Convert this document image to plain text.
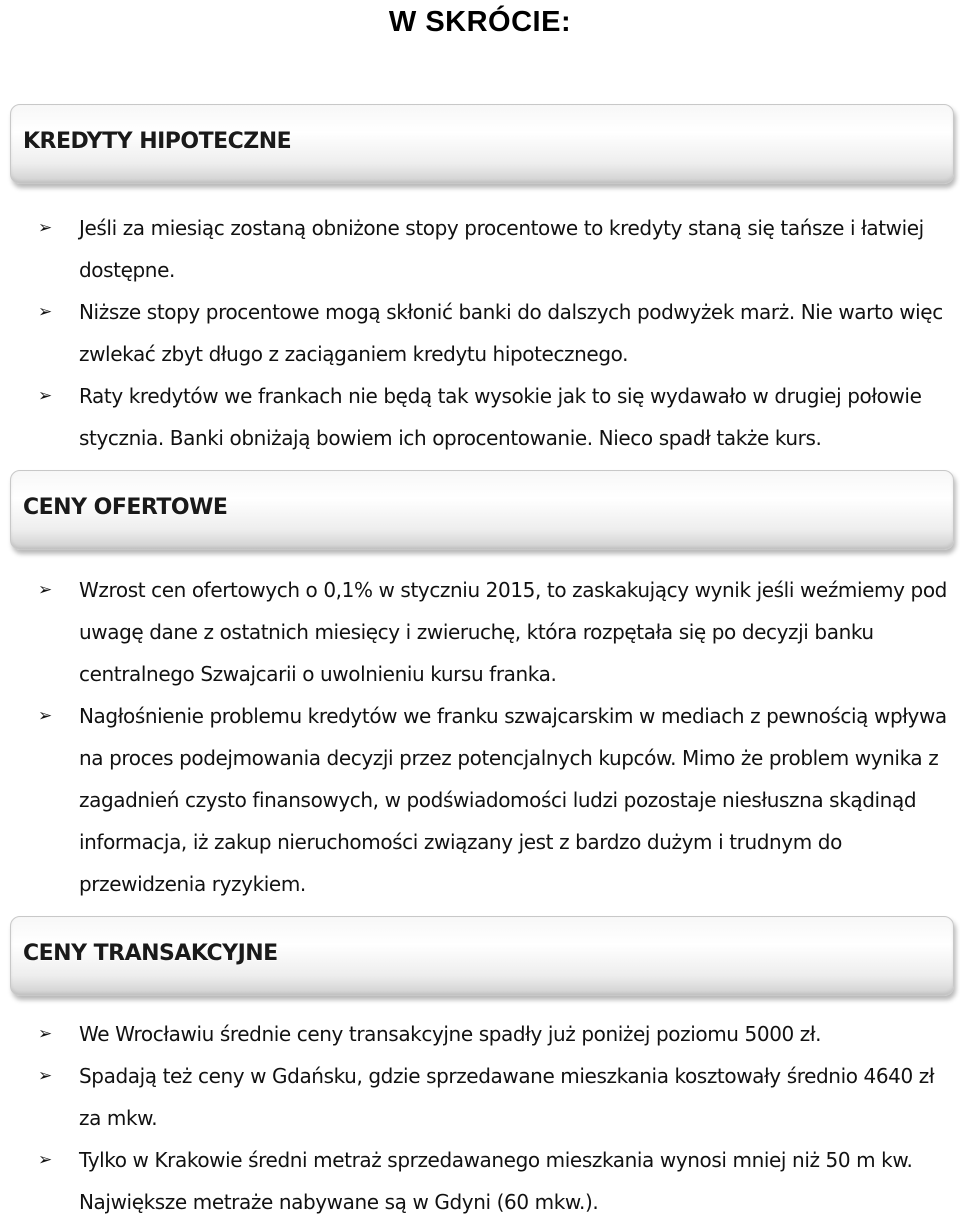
W SKRÓCIE:
KREDYTY HIPOTECZNE
➢ Jeśli za miesiąc zostaną obniżone stopy procentowe to kredyty staną się tańsze i łatwiej dostępne.
➢ Niższe stopy procentowe mogą skłonić banki do dalszych podwyżek marż. Nie warto więc zwlekać zbyt długo z zaciąganiem kredytu hipotecznego.
➢ Raty kredytów we frankach nie będą tak wysokie jak to się wydawało w drugiej połowie stycznia. Banki obniżają bowiem ich oprocentowanie. Nieco spadł także kurs.
CENY OFERTOWE
➢ Wzrost cen ofertowych o 0,1% w styczniu 2015, to zaskakujący wynik jeśli weźmiemy pod uwagę dane z ostatnich miesięcy i zwieruchę, która rozpętała się po decyzji banku centralnego Szwajcarii o uwolnieniu kursu franka.
➢ Nagłośnienie problemu kredytów we franku szwajcarskim w mediach z pewnością wpływa na proces podejmowania decyzji przez potencjalnych kupców. Mimo że problem wynika z zagadnień czysto finansowych, w podświadomości ludzi pozostaje niesłuszna skądinąd informacja, iż zakup nieruchomości związany jest z bardzo dużym i trudnym do przewidzenia ryzykiem.
CENY TRANSAKCYJNE
➢ We Wrocławiu średnie ceny transakcyjne spadły już poniżej poziomu 5000 zł.
➢ Spadają też ceny w Gdańsku, gdzie sprzedawane mieszkania kosztowały średnio 4640 zł za mkw.
➢ Tylko w Krakowie średni metraż sprzedawanego mieszkania wynosi mniej niż 50 m kw. Największe metraże nabywane są w Gdyni (60 mkw.).
